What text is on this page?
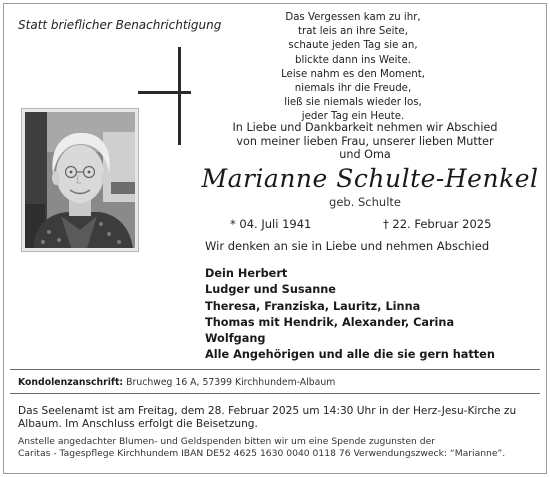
Statt brieflicher Benachrichtigung
Das Vergessen kam zu ihr,
trat leis an ihre Seite,
schaute jeden Tag sie an,
blickte dann ins Weite.
Leise nahm es den Moment,
niemals ihr die Freude,
ließ sie niemals wieder los,
jeder Tag ein Heute.
In Liebe und Dankbarkeit nehmen wir Abschied
von meiner lieben Frau, unserer lieben Mutter
und Oma
Marianne Schulte-Henkel
geb. Schulte
* 04. Juli 1941	† 22. Februar 2025
Wir denken an sie in Liebe und nehmen Abschied
Dein Herbert
Ludger und Susanne
Theresa, Franziska, Lauritz, Linna
Thomas mit Hendrik, Alexander, Carina
Wolfgang
Alle Angehörigen und alle die sie gern hatten
Kondolenzanschrift: Bruchweg 16 A, 57399 Kirchhundem-Albaum
Das Seelenamt ist am Freitag, dem 28. Februar 2025 um 14:30 Uhr in der Herz-Jesu-Kirche zu
Albaum. Im Anschluss erfolgt die Beisetzung.
Anstelle angedachter Blumen- und Geldspenden bitten wir um eine Spende zugunsten der
Caritas - Tagespflege Kirchhundem IBAN DE52 4625 1630 0040 0118 76 Verwendungszweck: “Marianne”.
